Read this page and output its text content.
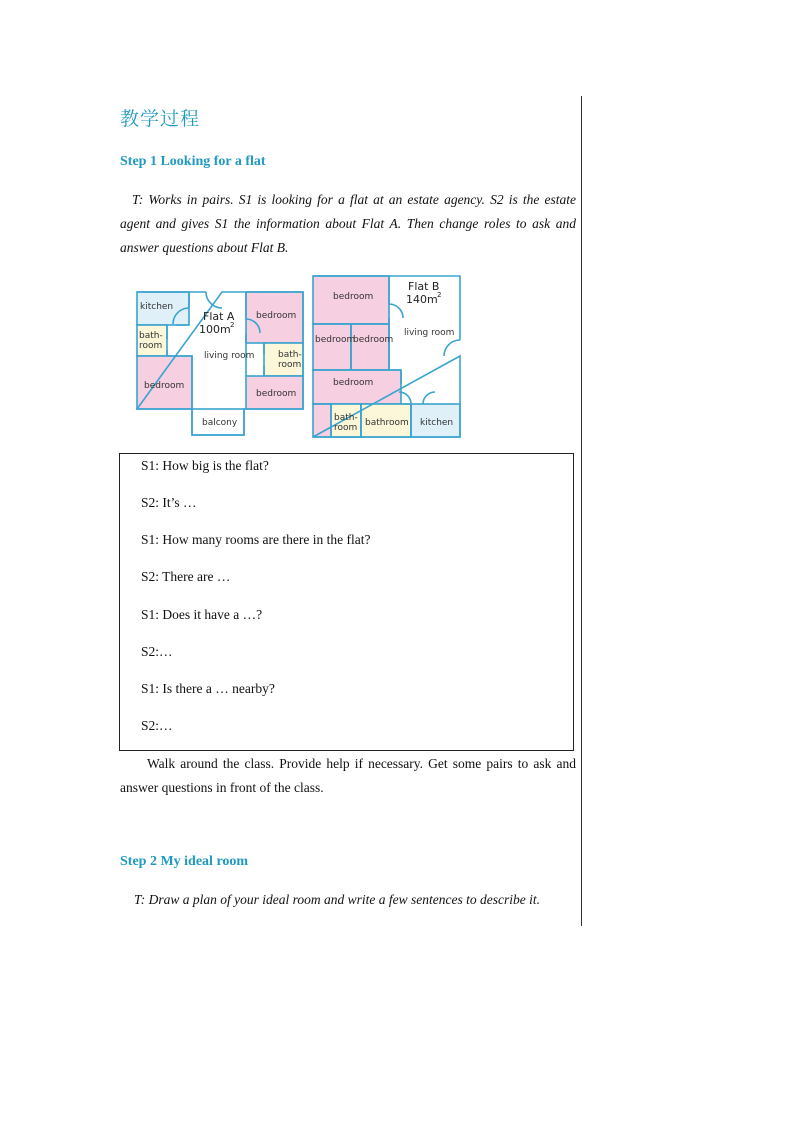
教学过程
Step 1 Looking for a flat
T: Works in pairs. S1 is looking for a flat at an estate agency. S2 is the estate agent and gives S1 the information about Flat A. Then change roles to ask and answer questions about Flat B.
kitchen
bedroom
bath-
room
living room	bath-
room
bedroom
bedroom
balcony
Flat A
100m 2
bedroom
living room
bedroom
bedroom
bedroom
bath-
room bathroom kitchen
Flat B
140m 2
S1: How big is the flat?
S2: It’s …
S1: How many rooms are there in the flat?
S2: There are …
S1: Does it have a …?
S2:…
S1: Is there a … nearby?
S2:…
Walk around the class. Provide help if necessary. Get some pairs to ask and answer questions in front of the class.
Step 2 My ideal room
T: Draw a plan of your ideal room and write a few sentences to describe it.
